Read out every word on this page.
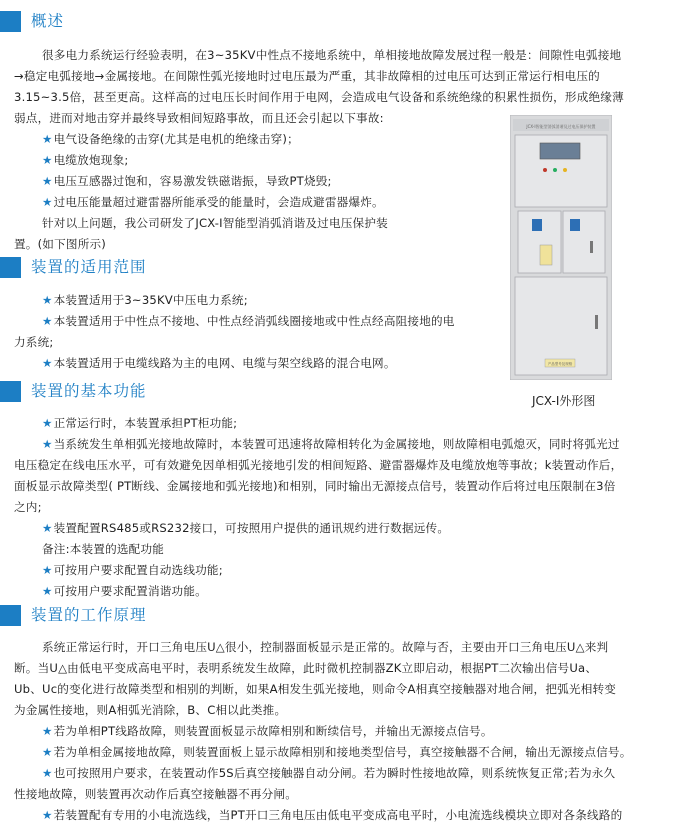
概述
很多电力系统运行经验表明，在3~35KV中性点不接地系统中，单相接地故障发展过程一般是：间隙性电弧接地
→稳定电弧接地→金属接地。在间隙性弧光接地时过电压最为严重，其非故障相的过电压可达到正常运行相电压的
3.15~3.5倍，甚至更高。这样高的过电压长时间作用于电网，会造成电气设备和系统绝缘的积累性损伤，形成绝缘薄
弱点，进而对地击穿并最终导致相间短路事故，而且还会引起以下事故:
★电气设备绝缘的击穿(尤其是电机的绝缘击穿)；
★电缆放炮现象;
★电压互感器过饱和，容易激发铁磁谐振，导致PT烧毁;
★过电压能量超过避雷器所能承受的能量时，会造成避雷器爆炸。
针对以上问题，我公司研发了JCX-Ⅰ智能型消弧消谐及过电压保护装
置。(如下图所示)
装置的适用范围
★本装置适用于3~35KV中压电力系统;
★本装置适用于中性点不接地、中性点经消弧线圈接地或中性点经高阻接地的电
力系统;
★本装置适用于电缆线路为主的电网、电缆与架空线路的混合电网。
JCX-Ⅰ智能型消弧消谐及过电压保护装置
产品型号及规格
JCX-Ⅰ外形图
装置的基本功能
★正常运行时，本装置承担PT柜功能;
★当系统发生单相弧光接地故障时，本装置可迅速将故障相转化为金属接地，则故障相电弧熄灭，同时将弧光过
电压稳定在线电压水平，可有效避免因单相弧光接地引发的相间短路、避雷器爆炸及电缆放炮等事故；k装置动作后，
面板显示故障类型( PT断线、金属接地和弧光接地)和相别，同时输出无源接点信号，装置动作后将过电压限制在3倍
之内;
★装置配置RS485或RS232接口，可按照用户提供的通讯规约进行数据远传。
备注:本装置的选配功能
★可按用户要求配置自动选线功能;
★可按用户要求配置消谐功能。
装置的工作原理
系统正常运行时，开口三角电压U△很小，控制器面板显示是正常的。故障与否，主要由开口三角电压U△来判
断。当U△由低电平变成高电平时，表明系统发生故障，此时微机控制器ZK立即启动，根据PT二次输出信号Ua、
Ub、Uc的变化进行故障类型和相别的判断，如果A相发生弧光接地，则命令A相真空接触器对地合闸，把弧光相转变
为金属性接地，则A相弧光消除，B、C相以此类推。
★若为单相PT线路故障，则装置面板显示故障相别和断续信号，并输出无源接点信号。
★若为单相金属接地故障，则装置面板上显示故障相别和接地类型信号，真空接触器不合闸，输出无源接点信号。
★也可按照用户要求，在装置动作5S后真空接触器自动分闸。若为瞬时性接地故障，则系统恢复正常;若为永久
性接地故障，则装置再次动作后真空接触器不再分闸。
★若装置配有专用的小电流选线，当PT开口三角电压由低电平变成高电平时，小电流选线模块立即对各条线路的
